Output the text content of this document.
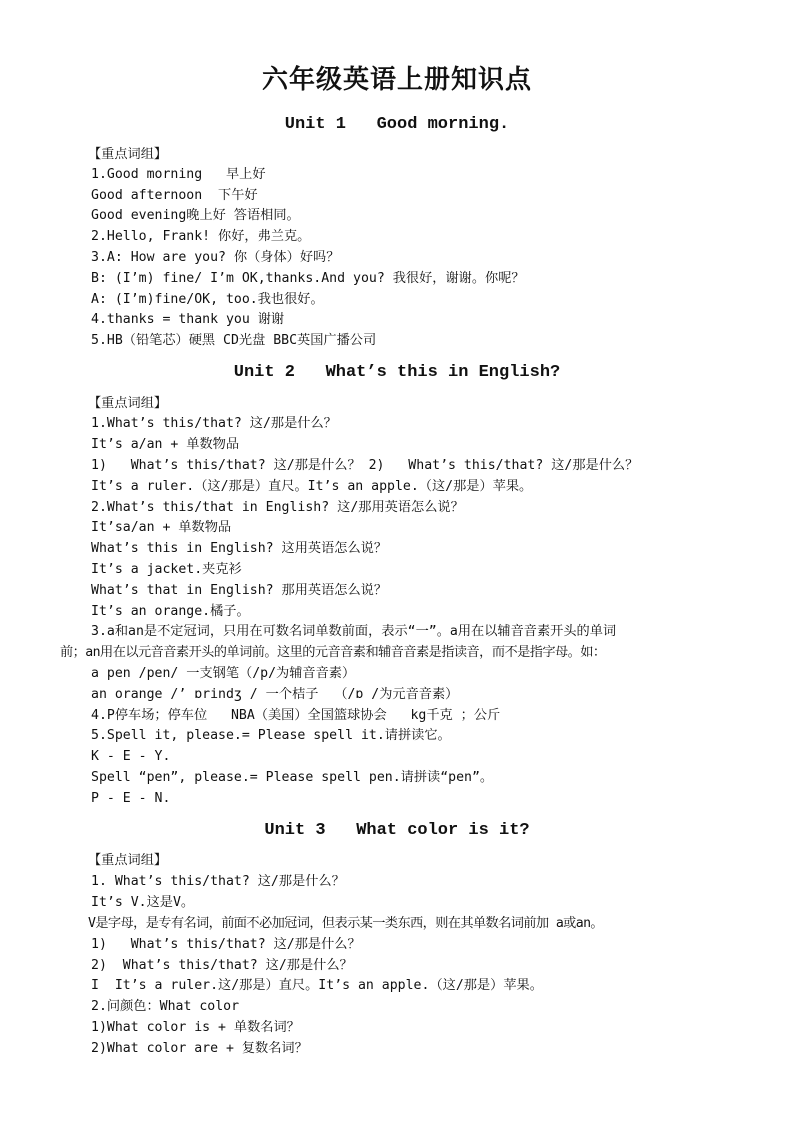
六年级英语上册知识点
Unit 1   Good morning.
【重点词组】
1.Good morning   早上好
Good afternoon  下午好
Good evening晚上好 答语相同。
2.Hello, Frank! 你好，弗兰克。
3.A: How are you? 你（身体）好吗？
B: (I’m) fine/ I’m OK,thanks.And you? 我很好，谢谢。你呢？
A: (I’m)fine/OK, too.我也很好。
4.thanks = thank you 谢谢
5.HB（铅笔芯）硬黑 CD光盘 BBC英国广播公司
Unit 2   What’s this in English?
【重点词组】
1.What’s this/that? 这/那是什么？
It’s a/an + 单数物品
1)   What’s this/that? 这/那是什么？ 2)   What’s this/that? 这/那是什么？
It’s a ruler.（这/那是）直尺。It’s an apple.（这/那是）苹果。
2.What’s this/that in English? 这/那用英语怎么说？
It’sa/an + 单数物品
What’s this in English? 这用英语怎么说？
It’s a jacket.夹克衫
What’s that in English? 那用英语怎么说？
It’s an orange.橘子。
3.a和an是不定冠词，只用在可数名词单数前面，表示“一”。a用在以辅音音素开头的单词
前；an用在以元音音素开头的单词前。这里的元音音素和辅音音素是指读音，而不是指字母。如：
a pen /pen/ 一支钢笔（/p/为辅音音素）
an orange /’ ɒrindʒ / 一个桔子  （/ɒ /为元音音素）
4.P停车场；停车位   NBA（美国）全国篮球协会   kg千克 ；公斤
5.Spell it, please.= Please spell it.请拼读它。
K - E - Y.
Spell “pen”, please.= Please spell pen.请拼读“pen”。
P - E - N.
Unit 3   What color is it?
【重点词组】
1. What’s this/that? 这/那是什么？
It’s V.这是V。
V是字母，是专有名词，前面不必加冠词，但表示某一类东西，则在其单数名词前加 a或an。
1)   What’s this/that? 这/那是什么？
2)  What’s this/that? 这/那是什么？
I  It’s a ruler.这/那是）直尺。It’s an apple.（这/那是）苹果。
2.问颜色：What color
1)What color is + 单数名词？
2)What color are + 复数名词？
